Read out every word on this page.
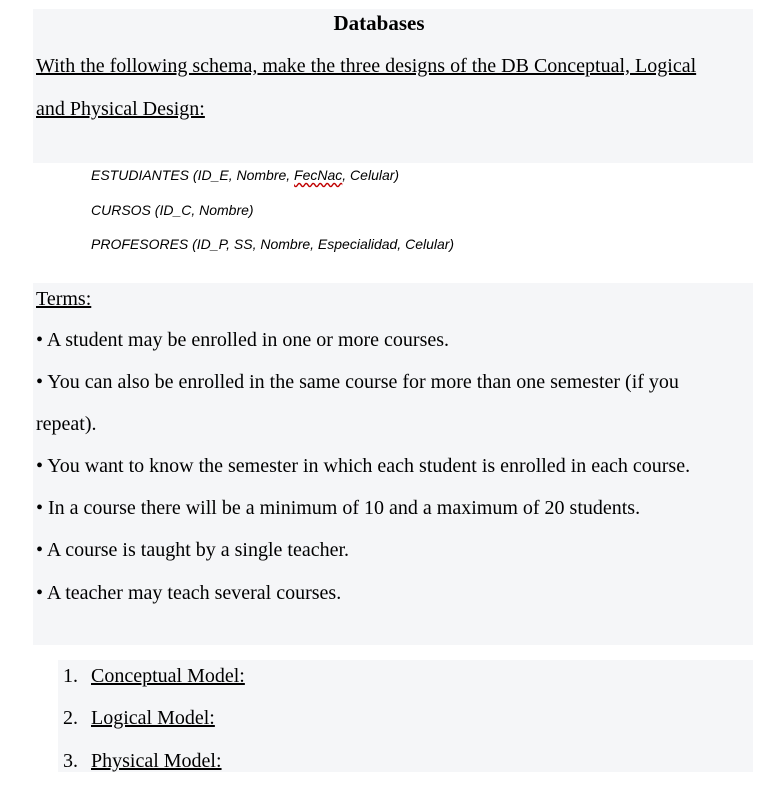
Databases
With the following schema, make the three designs of the DB Conceptual, Logical
and Physical Design:
ESTUDIANTES (ID_E, Nombre, FecNac, Celular)
CURSOS (ID_C, Nombre)
PROFESORES (ID_P, SS, Nombre, Especialidad, Celular)
Terms:
• A student may be enrolled in one or more courses.
• You can also be enrolled in the same course for more than one semester (if you
repeat).
• You want to know the semester in which each student is enrolled in each course.
• In a course there will be a minimum of 10 and a maximum of 20 students.
• A course is taught by a single teacher.
• A teacher may teach several courses.
1. Conceptual Model:
2. Logical Model:
3. Physical Model:
